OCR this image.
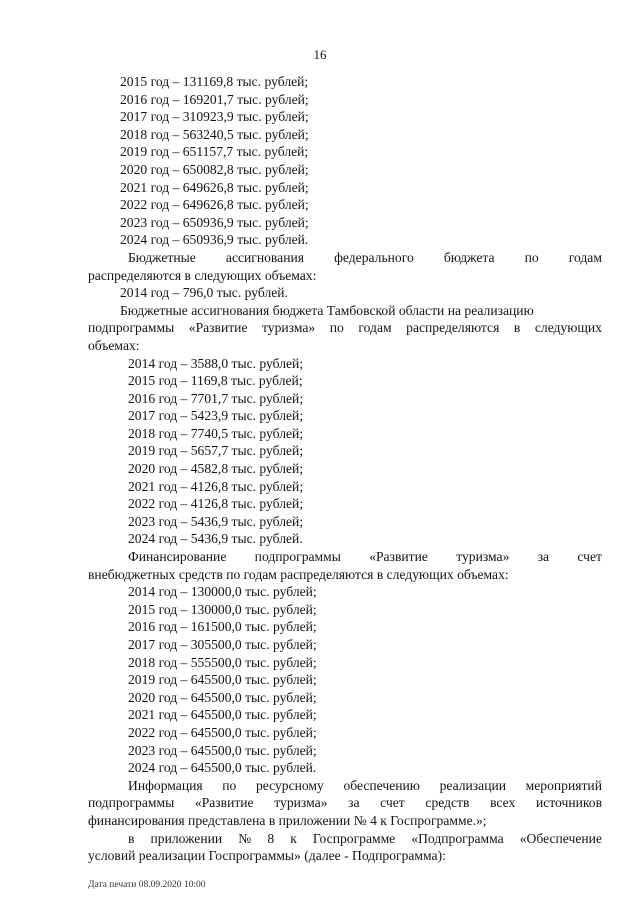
16
2015 год – 131169,8 тыс. рублей;
2016 год – 169201,7 тыс. рублей;
2017 год – 310923,9 тыс. рублей;
2018 год – 563240,5 тыс. рублей;
2019 год – 651157,7 тыс. рублей;
2020 год – 650082,8 тыс. рублей;
2021 год – 649626,8 тыс. рублей;
2022 год – 649626,8 тыс. рублей;
2023 год – 650936,9 тыс. рублей;
2024 год – 650936,9 тыс. рублей.
Бюджетные ассигнования федерального бюджета по годам
распределяются в следующих объемах:
2014 год – 796,0 тыс. рублей.
Бюджетные ассигнования бюджета Тамбовской области на реализацию
подпрограммы «Развитие туризма» по годам распределяются в следующих
объемах:
2014 год – 3588,0 тыс. рублей;
2015 год – 1169,8 тыс. рублей;
2016 год – 7701,7 тыс. рублей;
2017 год – 5423,9 тыс. рублей;
2018 год – 7740,5 тыс. рублей;
2019 год – 5657,7 тыс. рублей;
2020 год – 4582,8 тыс. рублей;
2021 год – 4126,8 тыс. рублей;
2022 год – 4126,8 тыс. рублей;
2023 год – 5436,9 тыс. рублей;
2024 год – 5436,9 тыс. рублей.
Финансирование подпрограммы «Развитие туризма» за счет
внебюджетных средств по годам распределяются в следующих объемах:
2014 год – 130000,0 тыс. рублей;
2015 год – 130000,0 тыс. рублей;
2016 год – 161500,0 тыс. рублей;
2017 год – 305500,0 тыс. рублей;
2018 год – 555500,0 тыс. рублей;
2019 год – 645500,0 тыс. рублей;
2020 год – 645500,0 тыс. рублей;
2021 год – 645500,0 тыс. рублей;
2022 год – 645500,0 тыс. рублей;
2023 год – 645500,0 тыс. рублей;
2024 год – 645500,0 тыс. рублей.
Информация по ресурсному обеспечению реализации мероприятий
подпрограммы «Развитие туризма» за счет средств всех источников
финансирования представлена в приложении № 4 к Госпрограмме.»;
в приложении № 8 к Госпрограмме «Подпрограмма «Обеспечение
условий реализации Госпрограммы» (далее - Подпрограмма):
Дата печати 08.09.2020 10:00
